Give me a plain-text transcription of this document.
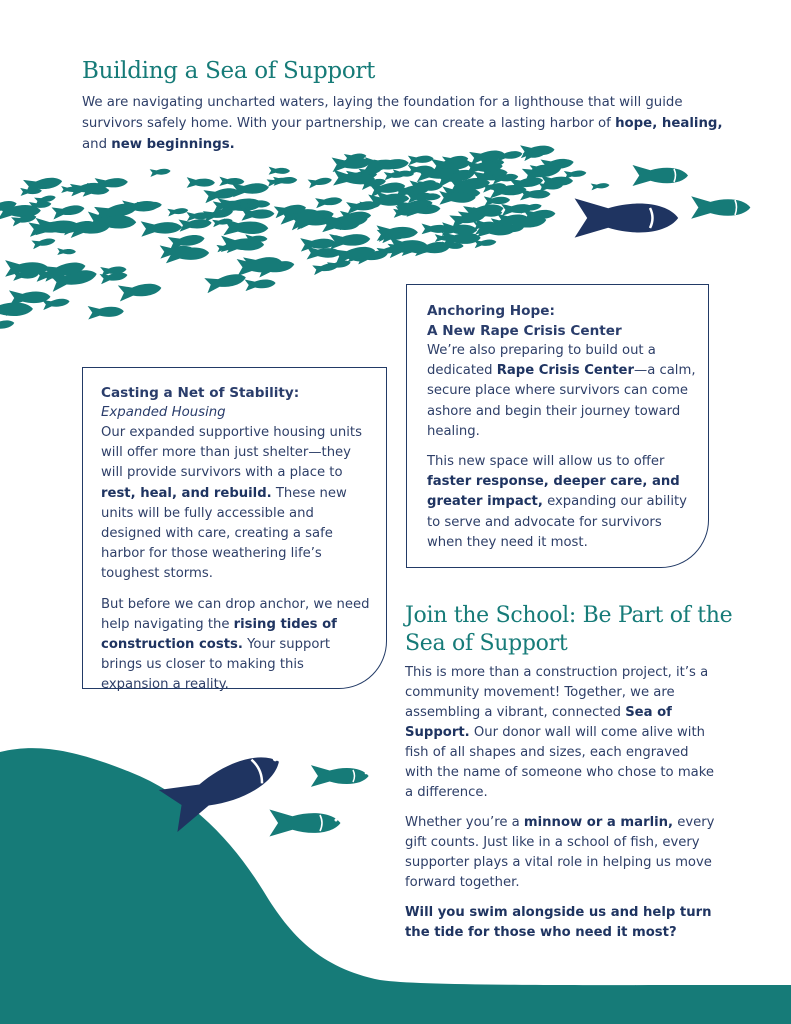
Building a Sea of Support

We are navigating uncharted waters, laying the foundation for a lighthouse that will guide survivors safely home. With your partnership, we can create a lasting harbor of hope, healing, and new beginnings.

Anchoring Hope:
A New Rape Crisis Center

We’re also preparing to build out a dedicated Rape Crisis Center—a calm, secure place where survivors can come ashore and begin their journey toward healing.

This new space will allow us to offer faster response, deeper care, and greater impact, expanding our ability to serve and advocate for survivors when they need it most.

Casting a Net of Stability:

Expanded Housing

Our expanded supportive housing units will offer more than just shelter—they will provide survivors with a place to rest, heal, and rebuild. These new units will be fully accessible and designed with care, creating a safe harbor for those weathering life’s toughest storms.

But before we can drop anchor, we need help navigating the rising tides of construction costs. Your support brings us closer to making this expansion a reality.

Join the School: Be Part of the Sea of Support

This is more than a construction project, it’s a community movement! Together, we are assembling a vibrant, connected Sea of Support. Our donor wall will come alive with fish of all shapes and sizes, each engraved with the name of someone who chose to make a difference.

Whether you’re a minnow or a marlin, every gift counts. Just like in a school of fish, every supporter plays a vital role in helping us move forward together.

Will you swim alongside us and help turn the tide for those who need it most?
